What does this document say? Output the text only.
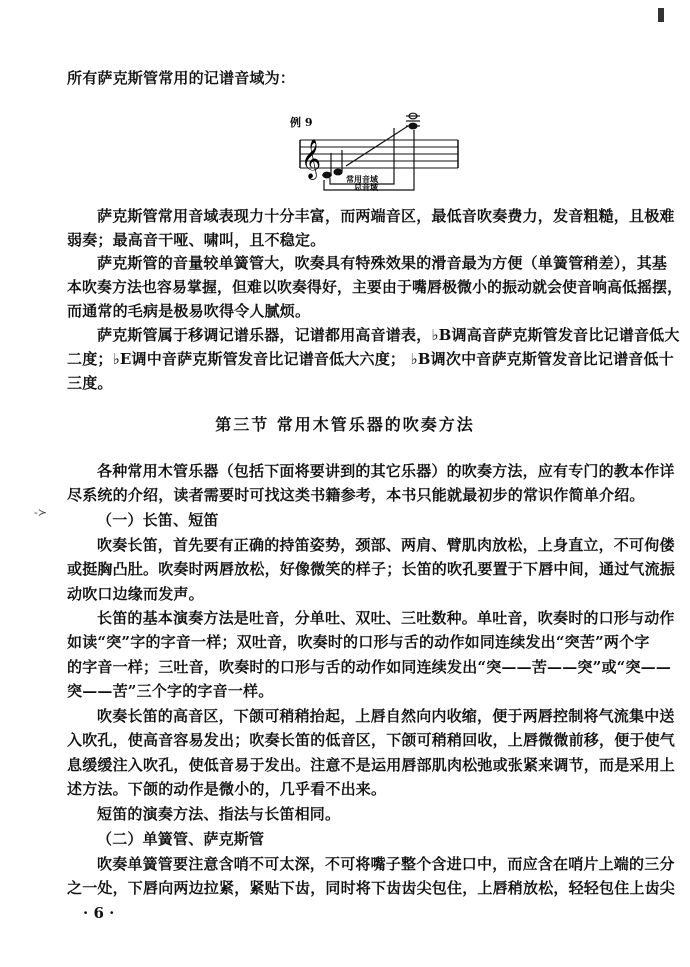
所有萨克斯管常用的记谱音域为：
例 9
𝄞	常用音域
总音域
萨克斯管常用音域表现力十分丰富，而两端音区，最低音吹奏费力，发音粗糙，且极难
弱奏；最高音干哑、啸叫，且不稳定。
萨克斯管的音量较单簧管大，吹奏具有特殊效果的滑音最为方便（单簧管稍差），其基
本吹奏方法也容易掌握，但难以吹奏得好，主要由于嘴唇极微小的振动就会使音响高低摇摆，
而通常的毛病是极易吹得令人腻烦。
萨克斯管属于移调记谱乐器，记谱都用高音谱表，♭B调高音萨克斯管发音比记谱音低大
二度；♭E调中音萨克斯管发音比记谱音低大六度； ♭B调次中音萨克斯管发音比记谱音低十
三度。
第三节 常用木管乐器的吹奏方法
-≻
各种常用木管乐器（包括下面将要讲到的其它乐器）的吹奏方法，应有专门的教本作详
尽系统的介绍，读者需要时可找这类书籍参考，本书只能就最初步的常识作简单介绍。
（一）长笛、短笛
吹奏长笛，首先要有正确的持笛姿势，颈部、两肩、臂肌肉放松，上身直立，不可佝偻
或挺胸凸肚。吹奏时两唇放松，好像微笑的样子；长笛的吹孔要置于下唇中间，通过气流振
动吹口边缘而发声。
长笛的基本演奏方法是吐音，分单吐、双吐、三吐数种。单吐音，吹奏时的口形与动作
如读“突”字的字音一样；双吐音，吹奏时的口形与舌的动作如同连续发出“突苦”两个字
的字音一样；三吐音，吹奏时的口形与舌的动作如同连续发出“突——苦——突”或“突——
突——苦”三个字的字音一样。
吹奏长笛的高音区，下颌可稍稍抬起，上唇自然向内收缩，便于两唇控制将气流集中送
入吹孔，使高音容易发出；吹奏长笛的低音区，下颌可稍稍回收，上唇微微前移，便于使气
息缓缓注入吹孔，使低音易于发出。注意不是运用唇部肌肉松弛或张紧来调节，而是采用上
述方法。下颌的动作是微小的，几乎看不出来。
短笛的演奏方法、指法与长笛相同。
（二）单簧管、萨克斯管
吹奏单簧管要注意含哨不可太深，不可将嘴子整个含进口中，而应含在哨片上端的三分
之一处，下唇向两边拉紧，紧贴下齿，同时将下齿齿尖包住，上唇稍放松，轻轻包住上齿尖
· 6 ·
